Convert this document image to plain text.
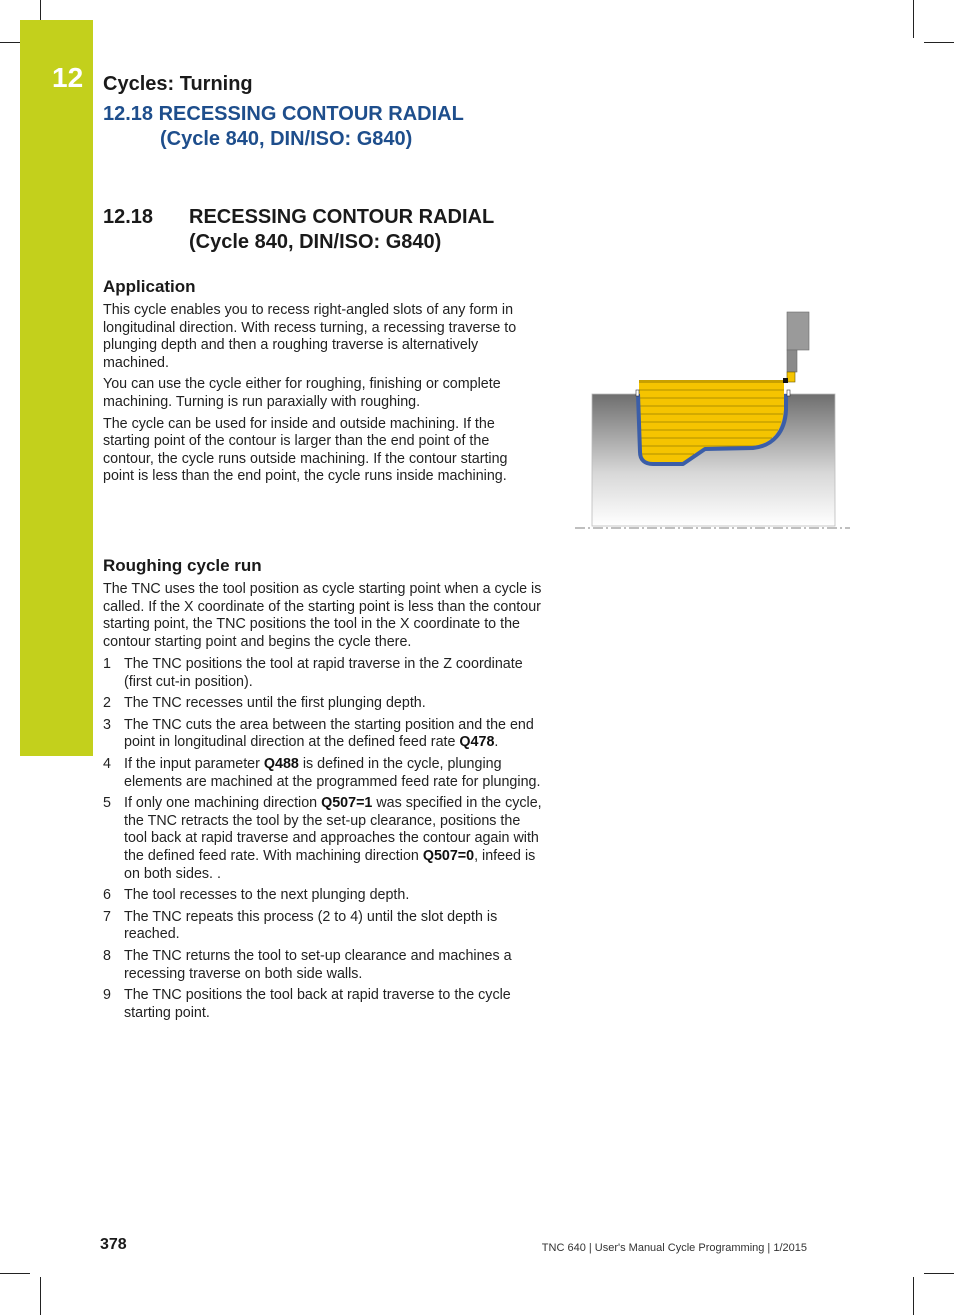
12 Cycles: Turning
12.18 RECESSING CONTOUR RADIAL
(Cycle 840, DIN/ISO: G840)
12.18 RECESSING CONTOUR RADIAL
(Cycle 840, DIN/ISO: G840)
Application

This cycle enables you to recess right-angled slots of any form in longitudinal direction. With recess turning, a recessing traverse to plunging depth and then a roughing traverse is alternatively machined.

You can use the cycle either for roughing, finishing or complete machining. Turning is run paraxially with roughing.

The cycle can be used for inside and outside machining. If the starting point of the contour is larger than the end point of the contour, the cycle runs outside machining. If the contour starting point is less than the end point, the cycle runs inside machining.

Roughing cycle run

The TNC uses the tool position as cycle starting point when a cycle is called. If the X coordinate of the starting point is less than the contour starting point, the TNC positions the tool in the X coordinate to the contour starting point and begins the cycle there.

1 The TNC positions the tool at rapid traverse in the Z coordinate (first cut-in position).
2 The TNC recesses until the first plunging depth.
3 The TNC cuts the area between the starting position and the end point in longitudinal direction at the defined feed rate Q478.
4 If the input parameter Q488 is defined in the cycle, plunging elements are machined at the programmed feed rate for plunging.
5 If only one machining direction Q507=1 was specified in the cycle, the TNC retracts the tool by the set-up clearance, positions the tool back at rapid traverse and approaches the contour again with the defined feed rate. With machining direction Q507=0, infeed is on both sides. .
6 The tool recesses to the next plunging depth.
7 The TNC repeats this process (2 to 4) until the slot depth is reached.
8 The TNC returns the tool to set-up clearance and machines a recessing traverse on both side walls.
9 The TNC positions the tool back at rapid traverse to the cycle starting point.
378	TNC 640 | User's Manual Cycle Programming | 1/2015
